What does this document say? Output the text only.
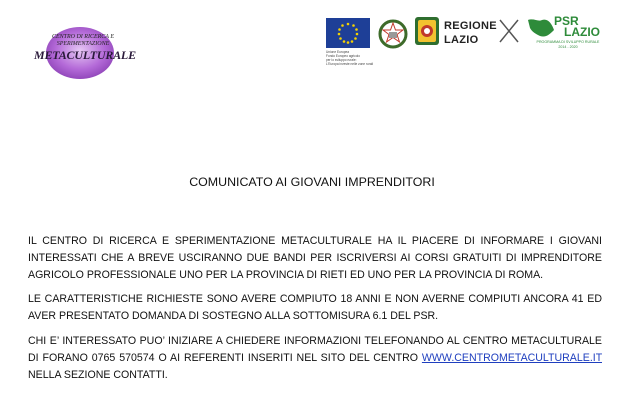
CENTRO DI RICERCA E SPERIMENTAZIONE
METACULTURALE	Unione Europea
Fondo Europeo agricolo
per lo sviluppo rurale:
L'Europa investe nelle zone rurali
REGIONE
LAZIO
PSR
LAZIO
PROGRAMMA DI SVILUPPO RURALE
2014 - 2020
COMUNICATO AI GIOVANI IMPRENDITORI
IL CENTRO DI RICERCA E SPERIMENTAZIONE METACULTURALE HA IL PIACERE DI INFORMARE I GIOVANI INTERESSATI CHE A BREVE USCIRANNO DUE BANDI PER ISCRIVERSI AI CORSI GRATUITI DI IMPRENDITORE AGRICOLO PROFESSIONALE UNO PER LA PROVINCIA DI RIETI ED UNO PER LA PROVINCIA DI ROMA.
LE CARATTERISTICHE RICHIESTE SONO AVERE COMPIUTO 18 ANNI E NON AVERNE COMPIUTI ANCORA 41 ED AVER PRESENTATO DOMANDA DI SOSTEGNO ALLA SOTTOMISURA 6.1 DEL PSR.
CHI E’ INTERESSATO PUO’ INIZIARE A CHIEDERE INFORMAZIONI TELEFONANDO AL CENTRO METACULTURALE DI FORANO 0765 570574 O AI REFERENTI INSERITI NEL SITO DEL CENTRO WWW.CENTROMETACULTURALE.IT NELLA SEZIONE CONTATTI.
